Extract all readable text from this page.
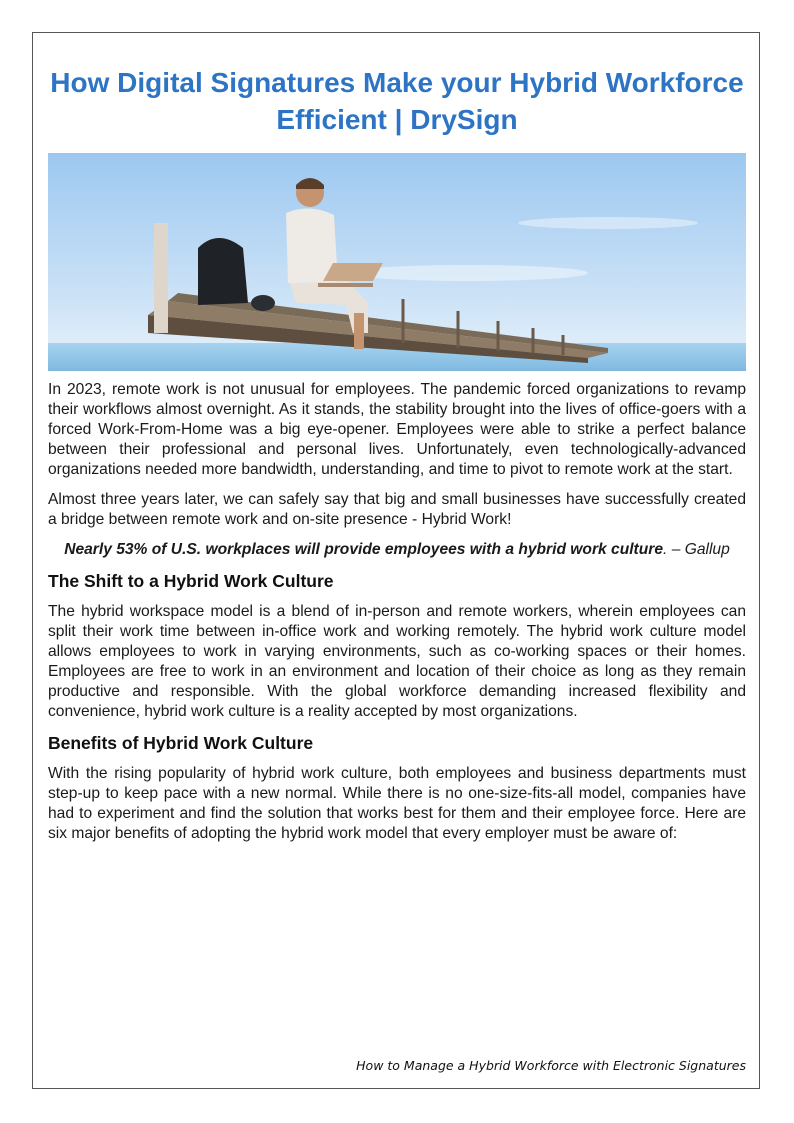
How Digital Signatures Make your Hybrid Workforce Efficient | DrySign

In 2023, remote work is not unusual for employees. The pandemic forced organizations to revamp their workflows almost overnight. As it stands, the stability brought into the lives of office-goers with a forced Work-From-Home was a big eye-opener. Employees were able to strike a perfect balance between their professional and personal lives. Unfortunately, even technologically-advanced organizations needed more bandwidth, understanding, and time to pivot to remote work at the start.

Almost three years later, we can safely say that big and small businesses have successfully created a bridge between remote work and on-site presence - Hybrid Work!

Nearly 53% of U.S. workplaces will provide employees with a hybrid work culture. – Gallup

The Shift to a Hybrid Work Culture

The hybrid workspace model is a blend of in-person and remote workers, wherein employees can split their work time between in-office work and working remotely. The hybrid work culture model allows employees to work in varying environments, such as co-working spaces or their homes. Employees are free to work in an environment and location of their choice as long as they remain productive and responsible. With the global workforce demanding increased flexibility and convenience, hybrid work culture is a reality accepted by most organizations.

Benefits of Hybrid Work Culture

With the rising popularity of hybrid work culture, both employees and business departments must step-up to keep pace with a new normal. While there is no one-size-fits-all model, companies have had to experiment and find the solution that works best for them and their employee force. Here are six major benefits of adopting the hybrid work model that every employer must be aware of:

How to Manage a Hybrid Workforce with Electronic Signatures
